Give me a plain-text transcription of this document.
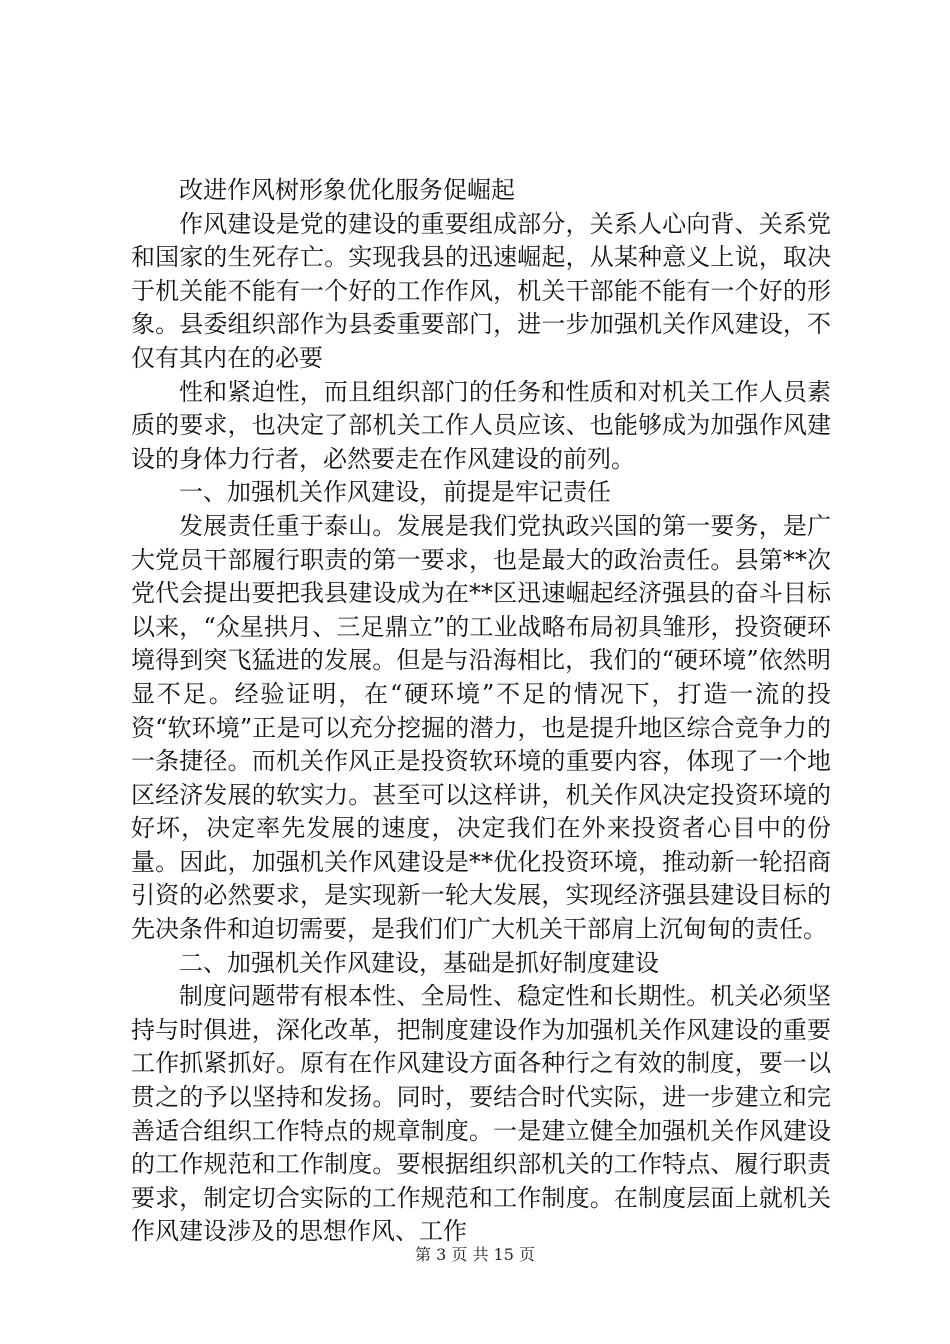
改进作风树形象优化服务促崛起

作风建设是党的建设的重要组成部分，关系人心向背、关系党和国家的生死存亡。实现我县的迅速崛起，从某种意义上说，取决于机关能不能有一个好的工作作风，机关干部能不能有一个好的形象。县委组织部作为县委重要部门，进一步加强机关作风建设，不仅有其内在的必要

性和紧迫性，而且组织部门的任务和性质和对机关工作人员素质的要求，也决定了部机关工作人员应该、也能够成为加强作风建设的身体力行者，必然要走在作风建设的前列。

一、加强机关作风建设，前提是牢记责任

发展责任重于泰山。发展是我们党执政兴国的第一要务，是广大党员干部履行职责的第一要求，也是最大的政治责任。县第**次党代会提出要把我县建设成为在**区迅速崛起经济强县的奋斗目标以来，“众星拱月、三足鼎立”的工业战略布局初具雏形，投资硬环境得到突飞猛进的发展。但是与沿海相比，我们的“硬环境”依然明显不足。经验证明，在“硬环境”不足的情况下，打造一流的投资“软环境”正是可以充分挖掘的潜力，也是提升地区综合竞争力的一条捷径。而机关作风正是投资软环境的重要内容，体现了一个地区经济发展的软实力。甚至可以这样讲，机关作风决定投资环境的好坏，决定率先发展的速度，决定我们在外来投资者心目中的份量。因此，加强机关作风建设是**优化投资环境，推动新一轮招商引资的必然要求，是实现新一轮大发展，实现经济强县建设目标的先决条件和迫切需要，是我们们广大机关干部肩上沉甸甸的责任。

二、加强机关作风建设，基础是抓好制度建设

制度问题带有根本性、全局性、稳定性和长期性。机关必须坚持与时俱进，深化改革，把制度建设作为加强机关作风建设的重要工作抓紧抓好。原有在作风建设方面各种行之有效的制度，要一以贯之的予以坚持和发扬。同时，要结合时代实际，进一步建立和完善适合组织工作特点的规章制度。一是建立健全加强机关作风建设的工作规范和工作制度。要根据组织部机关的工作特点、履行职责要求，制定切合实际的工作规范和工作制度。在制度层面上就机关作风建设涉及的思想作风、工作

第 3 页 共 15 页
